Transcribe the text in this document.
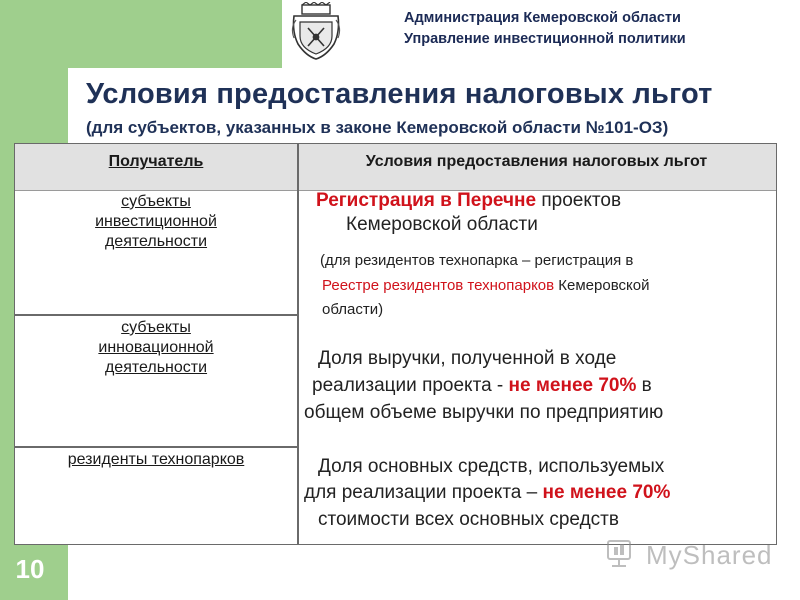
Администрация Кемеровской области
Управление инвестиционной политики
Условия предоставления налоговых льгот
(для субъектов, указанных в законе Кемеровской области №101-ОЗ)
Получатель	Условия предоставления налоговых льгот
субъекты
инвестиционной
деятельности
субъекты
инновационной
деятельности
резиденты технопарков
Регистрация в Перечне проектов
Кемеровской области
(для резидентов технопарка – регистрация в
Реестре резидентов технопарков Кемеровской
области)
Доля выручки, полученной в ходе
реализации проекта - не менее 70% в
общем объеме выручки по предприятию
Доля основных средств, используемых
для реализации проекта – не менее 70%
стоимости всех основных средств
10	MyShared
